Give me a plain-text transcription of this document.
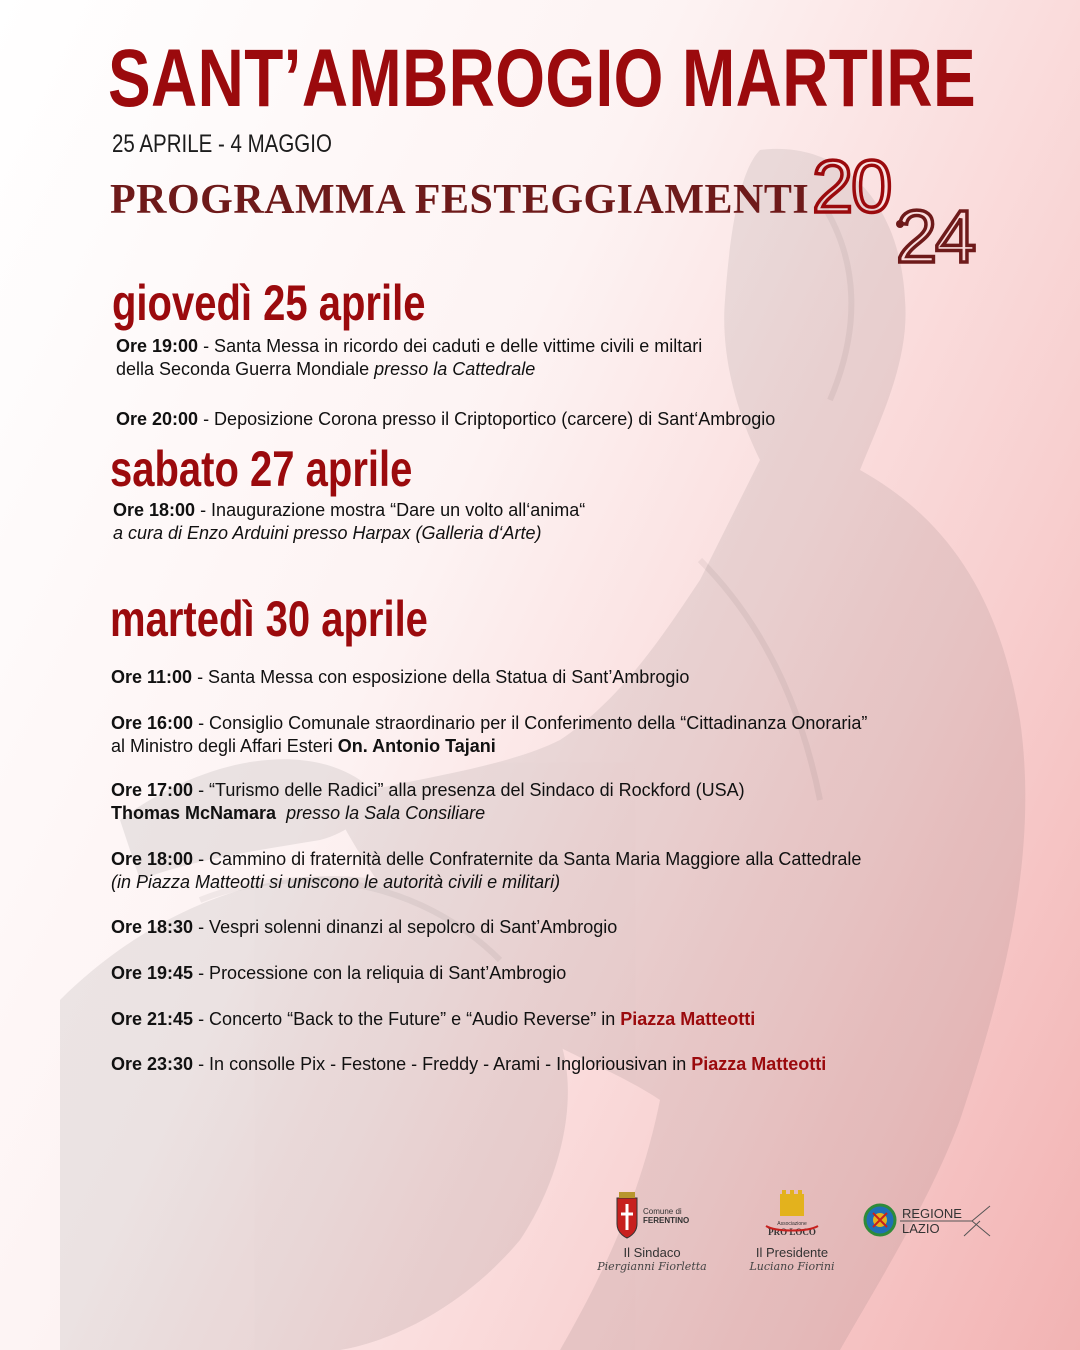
SANT’AMBROGIO MARTIRE
25 APRILE - 4 MAGGIO
PROGRAMMA FESTEGGIAMENTI 20
24
giovedì 25 aprile
Ore 19:00 - Santa Messa in ricordo dei caduti e delle vittime civili e miltari
della Seconda Guerra Mondiale presso la Cattedrale
Ore 20:00 - Deposizione Corona presso il Criptoportico (carcere) di Sant‘Ambrogio
sabato 27 aprile
Ore 18:00 - Inaugurazione mostra “Dare un volto all‘anima“
a cura di Enzo Arduini presso Harpax (Galleria d‘Arte)
martedì 30 aprile
Ore 11:00 - Santa Messa con esposizione della Statua di Sant’Ambrogio
Ore 16:00 - Consiglio Comunale straordinario per il Conferimento della “Cittadinanza Onoraria”
al Ministro degli Affari Esteri On. Antonio Tajani
Ore 17:00 - “Turismo delle Radici” alla presenza del Sindaco di Rockford (USA)
Thomas McNamara presso la Sala Consiliare
Ore 18:00 - Cammino di fraternità delle Confraternite da Santa Maria Maggiore alla Cattedrale
(in Piazza Matteotti si uniscono le autorità civili e militari)
Ore 18:30 - Vespri solenni dinanzi al sepolcro di Sant’Ambrogio
Ore 19:45 - Processione con la reliquia di Sant’Ambrogio
Ore 21:45 - Concerto “Back to the Future” e “Audio Reverse” in Piazza Matteotti
Ore 23:30 - In consolle Pix - Festone - Freddy - Arami - Ingloriousivan in Piazza Matteotti
Comune di
FERENTINO
Il Sindaco
Piergianni Fiorletta
Associazione
PRO LOCO
Il Presidente
Luciano Fiorini
REGIONE
LAZIO
